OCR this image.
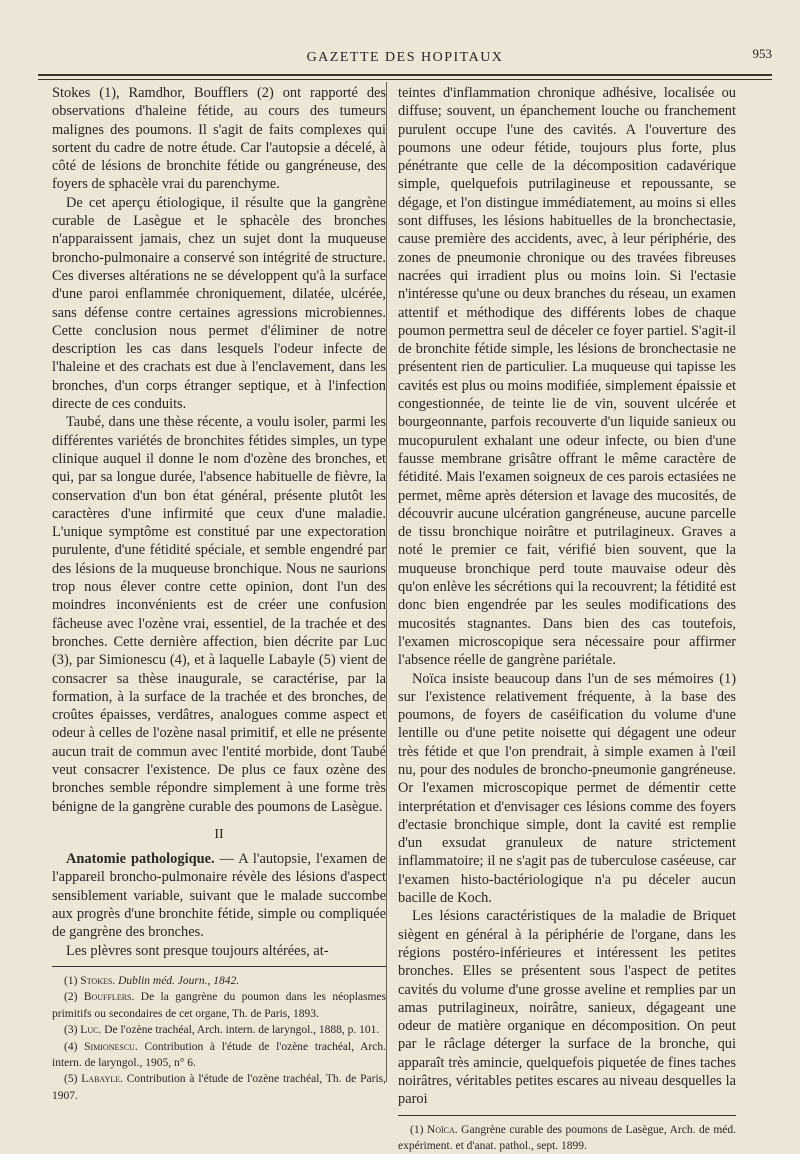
GAZETTE DES HOPITAUX	953

Stokes (1), Ramdhor, Boufflers (2) ont rapporté des observations d'haleine fétide, au cours des tumeurs malignes des poumons. Il s'agit de faits complexes qui sortent du cadre de notre étude. Car l'autopsie a décelé, à côté de lésions de bronchite fétide ou gangréneuse, des foyers de sphacèle vrai du parenchyme.

De cet aperçu étiologique, il résulte que la gangrène curable de Lasègue et le sphacèle des bronches n'apparaissent jamais, chez un sujet dont la muqueuse broncho-pulmonaire a conservé son intégrité de structure. Ces diverses altérations ne se développent qu'à la surface d'une paroi enflammée chroniquement, dilatée, ulcérée, sans défense contre certaines agressions microbiennes. Cette conclusion nous permet d'éliminer de notre description les cas dans lesquels l'odeur infecte de l'haleine et des crachats est due à l'enclavement, dans les bronches, d'un corps étranger septique, et à l'infection directe de ces conduits.

Taubé, dans une thèse récente, a voulu isoler, parmi les différentes variétés de bronchites fétides simples, un type clinique auquel il donne le nom d'ozène des bronches, et qui, par sa longue durée, l'absence habituelle de fièvre, la conservation d'un bon état général, présente plutôt les caractères d'une infirmité que ceux d'une maladie. L'unique symptôme est constitué par une expectoration purulente, d'une fétidité spéciale, et semble engendré par des lésions de la muqueuse bronchique. Nous ne saurions trop nous élever contre cette opinion, dont l'un des moindres inconvénients est de créer une confusion fâcheuse avec l'ozène vrai, essentiel, de la trachée et des bronches. Cette dernière affection, bien décrite par Luc (3), par Simionescu (4), et à laquelle Labayle (5) vient de consacrer sa thèse inaugurale, se caractérise, par la formation, à la surface de la trachée et des bronches, de croûtes épaisses, verdâtres, analogues comme aspect et odeur à celles de l'ozène nasal primitif, et elle ne présente aucun trait de commun avec l'entité morbide, dont Taubé veut consacrer l'existence. De plus ce faux ozène des bronches semble répondre simplement à une forme très bénigne de la gangrène curable des poumons de Lasègue.

II

Anatomie pathologique. — A l'autopsie, l'examen de l'appareil broncho-pulmonaire révèle des lésions d'aspect sensiblement variable, suivant que le malade succombe aux progrès d'une bronchite fétide, simple ou compliquée de gangrène des bronches.

Les plèvres sont presque toujours altérées, at-

(1) Stokes. Dublin méd. Journ., 1842.

(2) Boufflers. De la gangrène du poumon dans les néoplasmes primitifs ou secondaires de cet organe, Th. de Paris, 1893.

(3) Luc. De l'ozène trachéal, Arch. intern. de laryngol., 1888, p. 101.

(4) Simionescu. Contribution à l'étude de l'ozène trachéal, Arch. intern. de laryngol., 1905, n° 6.

(5) Labayle. Contribution à l'étude de l'ozène trachéal, Th. de Paris, 1907.

teintes d'inflammation chronique adhésive, localisée ou diffuse; souvent, un épanchement louche ou franchement purulent occupe l'une des cavités. A l'ouverture des poumons une odeur fétide, toujours plus forte, plus pénétrante que celle de la décomposition cadavérique simple, quelquefois putrilagineuse et repoussante, se dégage, et l'on distingue immédiatement, au moins si elles sont diffuses, les lésions habituelles de la bronchectasie, cause première des accidents, avec, à leur périphérie, des zones de pneumonie chronique ou des travées fibreuses nacrées qui irradient plus ou moins loin. Si l'ectasie n'intéresse qu'une ou deux branches du réseau, un examen attentif et méthodique des différents lobes de chaque poumon permettra seul de déceler ce foyer partiel. S'agit-il de bronchite fétide simple, les lésions de bronchectasie ne présentent rien de particulier. La muqueuse qui tapisse les cavités est plus ou moins modifiée, simplement épaissie et congestionnée, de teinte lie de vin, souvent ulcérée et bourgeonnante, parfois recouverte d'un liquide sanieux ou mucopurulent exhalant une odeur infecte, ou bien d'une fausse membrane grisâtre offrant le même caractère de fétidité. Mais l'examen soigneux de ces parois ectasiées ne permet, même après détersion et lavage des mucosités, de découvrir aucune ulcération gangréneuse, aucune parcelle de tissu bronchique noirâtre et putrilagineux. Graves a noté le premier ce fait, vérifié bien souvent, que la muqueuse bronchique perd toute mauvaise odeur dès qu'on enlève les sécrétions qui la recouvrent; la fétidité est donc bien engendrée par les seules modifications des mucosités stagnantes. Dans bien des cas toutefois, l'examen microscopique sera nécessaire pour affirmer l'absence réelle de gangrène pariétale.

Noïca insiste beaucoup dans l'un de ses mémoires (1) sur l'existence relativement fréquente, à la base des poumons, de foyers de caséification du volume d'une lentille ou d'une petite noisette qui dégagent une odeur très fétide et que l'on prendrait, à simple examen à l'œil nu, pour des nodules de broncho-pneumonie gangréneuse. Or l'examen microscopique permet de démentir cette interprétation et d'envisager ces lésions comme des foyers d'ectasie bronchique simple, dont la cavité est remplie d'un exsudat granuleux de nature strictement inflammatoire; il ne s'agit pas de tuberculose caséeuse, car l'examen histo-bactériologique n'a pu déceler aucun bacille de Koch.

Les lésions caractéristiques de la maladie de Briquet siègent en général à la périphérie de l'organe, dans les régions postéro-inférieures et intéressent les petites bronches. Elles se présentent sous l'aspect de petites cavités du volume d'une grosse aveline et remplies par un amas putrilagineux, noirâtre, sanieux, dégageant une odeur de matière organique en décomposition. On peut par le râclage déterger la surface de la bronche, qui apparaît très amincie, quelquefois piquetée de fines taches noirâtres, véritables petites escares au niveau desquelles la paroi

(1) Noïca. Gangrène curable des poumons de Lasègue, Arch. de méd. expériment. et d'anat. pathol., sept. 1899.
